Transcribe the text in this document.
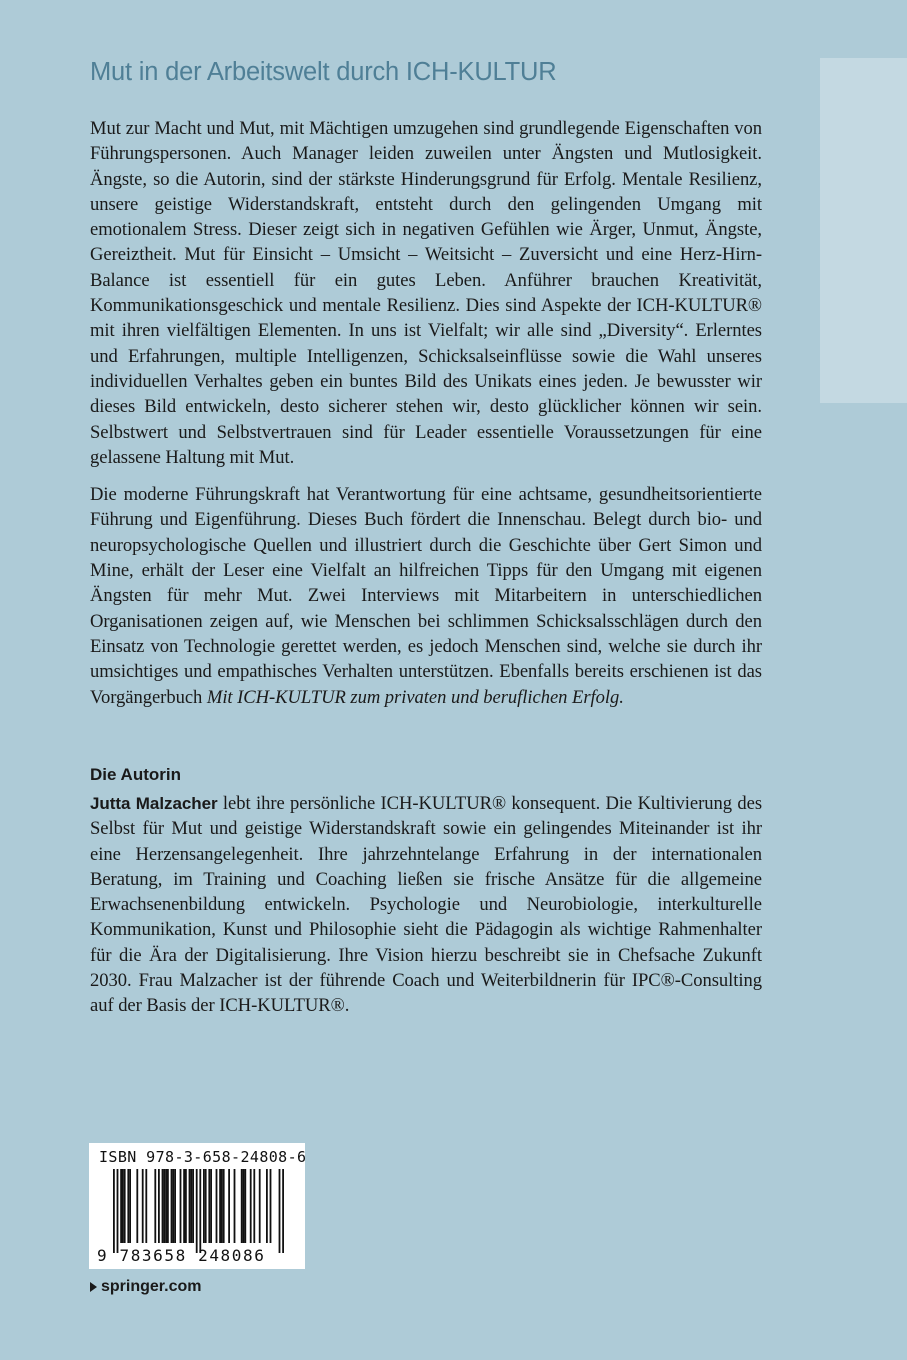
Mut in der Arbeitswelt durch ICH-KULTUR

Mut zur Macht und Mut, mit Mächtigen umzugehen sind grundlegende Eigenschaften von Führungspersonen. Auch Manager leiden zuweilen unter Ängsten und Mutlosigkeit. Ängste, so die Autorin, sind der stärkste Hinderungsgrund für Erfolg. Mentale Resilienz, unsere geistige Widerstandskraft, entsteht durch den gelingenden Umgang mit emotionalem Stress. Dieser zeigt sich in negativen Gefühlen wie Ärger, Unmut, Ängste, Gereiztheit. Mut für Einsicht – Umsicht – Weitsicht – Zuversicht und eine Herz-Hirn-Balance ist essentiell für ein gutes Leben. Anführer brauchen Kreativität, Kommunikationsgeschick und mentale Resilienz. Dies sind Aspekte der ICH-KULTUR® mit ihren vielfältigen Elementen. In uns ist Vielfalt; wir alle sind „Diversity“. Erlerntes und Erfahrungen, multiple Intelligenzen, Schicksalseinflüsse sowie die Wahl unseres individuellen Verhaltes geben ein buntes Bild des Unikats eines jeden. Je bewusster wir dieses Bild entwickeln, desto sicherer stehen wir, desto glücklicher können wir sein. Selbstwert und Selbstvertrauen sind für Leader essentielle Voraussetzungen für eine gelassene Haltung mit Mut.

Die moderne Führungskraft hat Verantwortung für eine achtsame, gesundheitsorientierte Führung und Eigenführung. Dieses Buch fördert die Innenschau. Belegt durch bio- und neuropsychologische Quellen und illustriert durch die Geschichte über Gert Simon und Mine, erhält der Leser eine Vielfalt an hilfreichen Tipps für den Umgang mit eigenen Ängsten für mehr Mut. Zwei Interviews mit Mitarbeitern in unterschiedlichen Organisationen zeigen auf, wie Menschen bei schlimmen Schicksalsschlägen durch den Einsatz von Technologie gerettet werden, es jedoch Menschen sind, welche sie durch ihr umsichtiges und empathisches Verhalten unterstützen. Ebenfalls bereits erschienen ist das Vorgängerbuch Mit ICH-KULTUR zum privaten und beruflichen Erfolg.

Die Autorin

Jutta Malzacher lebt ihre persönliche ICH-KULTUR® konsequent. Die Kultivierung des Selbst für Mut und geistige Widerstandskraft sowie ein gelingendes Miteinander ist ihr eine Herzensangelegenheit. Ihre jahrzehntelange Erfahrung in der internationalen Beratung, im Training und Coaching ließen sie frische Ansätze für die allgemeine Erwachsenenbildung entwickeln. Psychologie und Neurobiologie, interkulturelle Kommunikation, Kunst und Philosophie sieht die Pädagogin als wichtige Rahmenhalter für die Ära der Digitalisierung. Ihre Vision hierzu beschreibt sie in Chefsache Zukunft 2030. Frau Malzacher ist der führende Coach und Weiterbildnerin für IPC®-Consulting auf der Basis der ICH-KULTUR®.

ISBN 978-3-658-24808-6
9 783658 248086
springer.com
